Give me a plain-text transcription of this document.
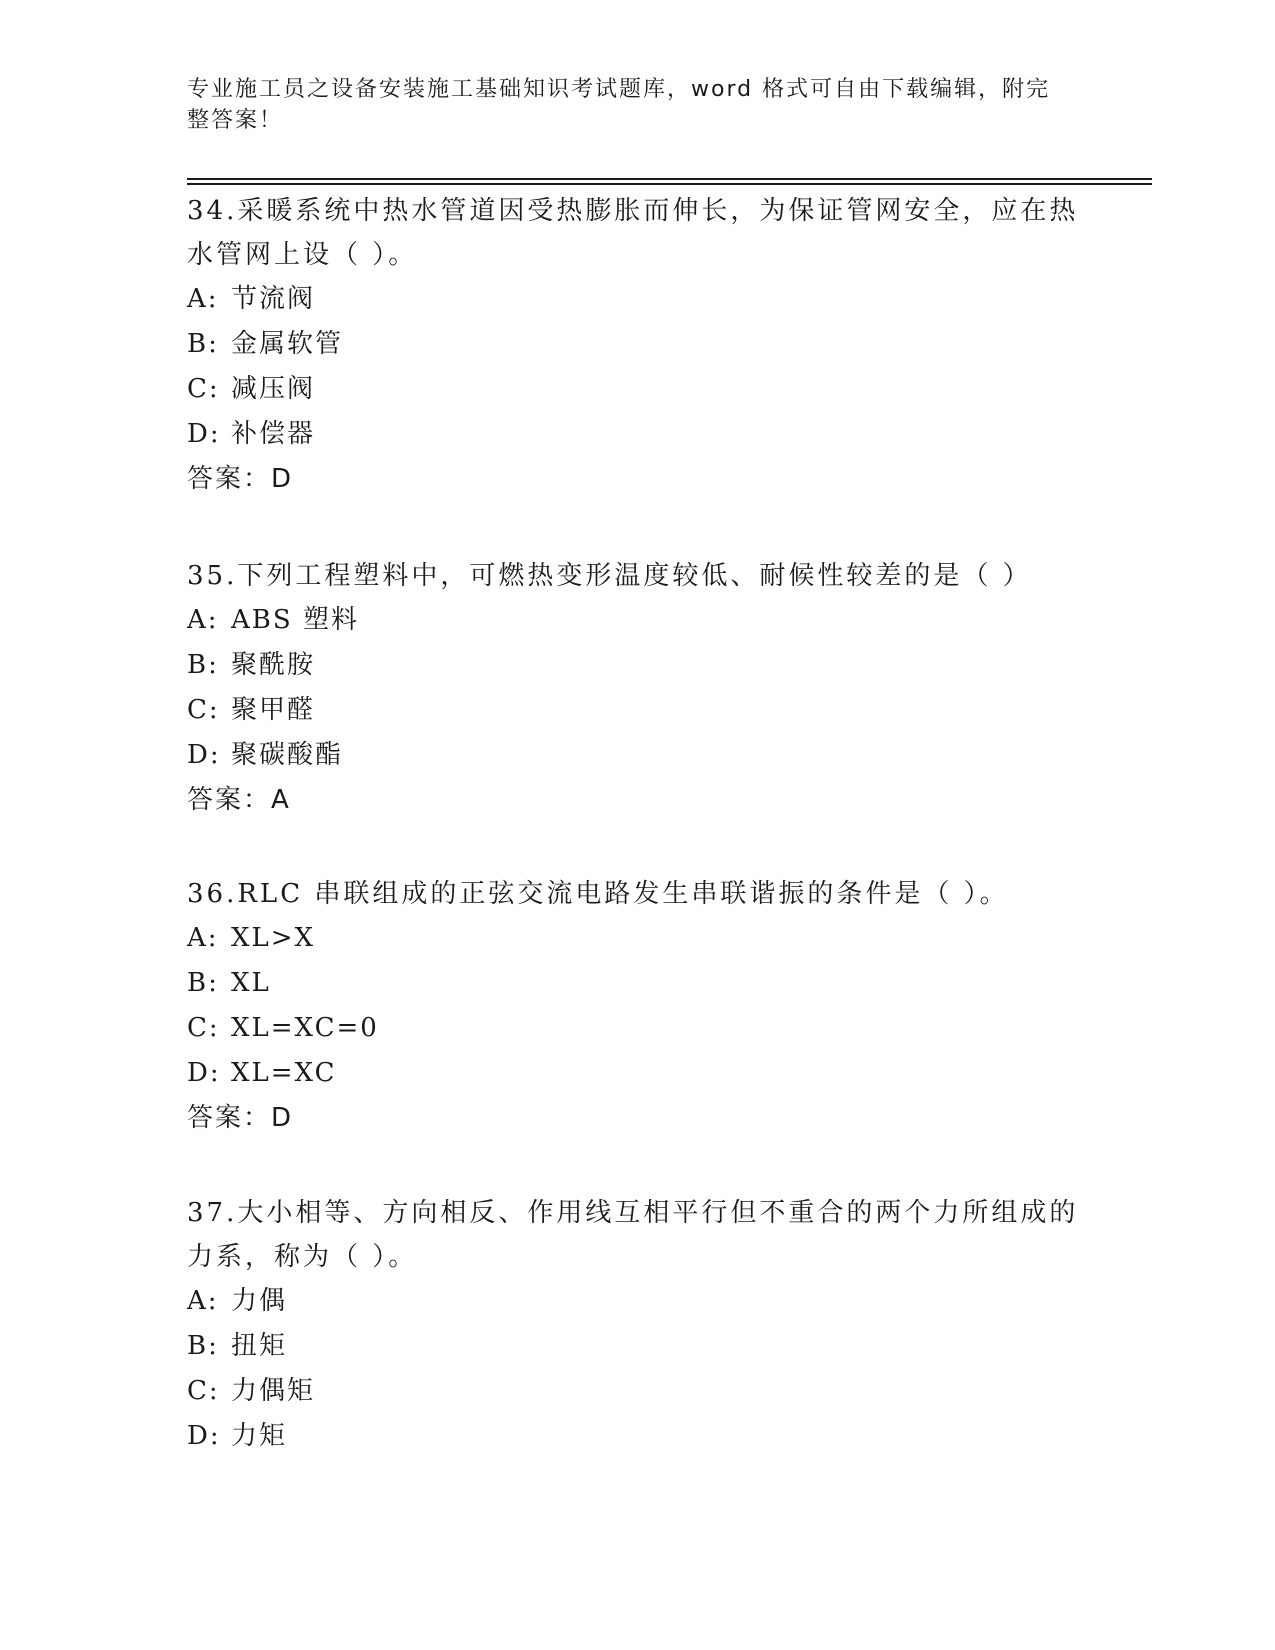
专业施工员之设备安装施工基础知识考试题库，word 格式可自由下载编辑，附完
整答案！

34.采暖系统中热水管道因受热膨胀而伸长，为保证管网安全，应在热

水管网上设（ ）。

A: 节流阀

B: 金属软管

C: 减压阀

D: 补偿器

答案：D

35.下列工程塑料中，可燃热变形温度较低、耐候性较差的是（ ）

A: ABS 塑料

B: 聚酰胺

C: 聚甲醛

D: 聚碳酸酯

答案：A

36.RLC 串联组成的正弦交流电路发生串联谐振的条件是（ ）。

A: XL>X

B: XL

C: XL=XC=0

D: XL=XC

答案：D

37.大小相等、方向相反、作用线互相平行但不重合的两个力所组成的

力系，称为（ ）。

A: 力偶

B: 扭矩

C: 力偶矩

D: 力矩
